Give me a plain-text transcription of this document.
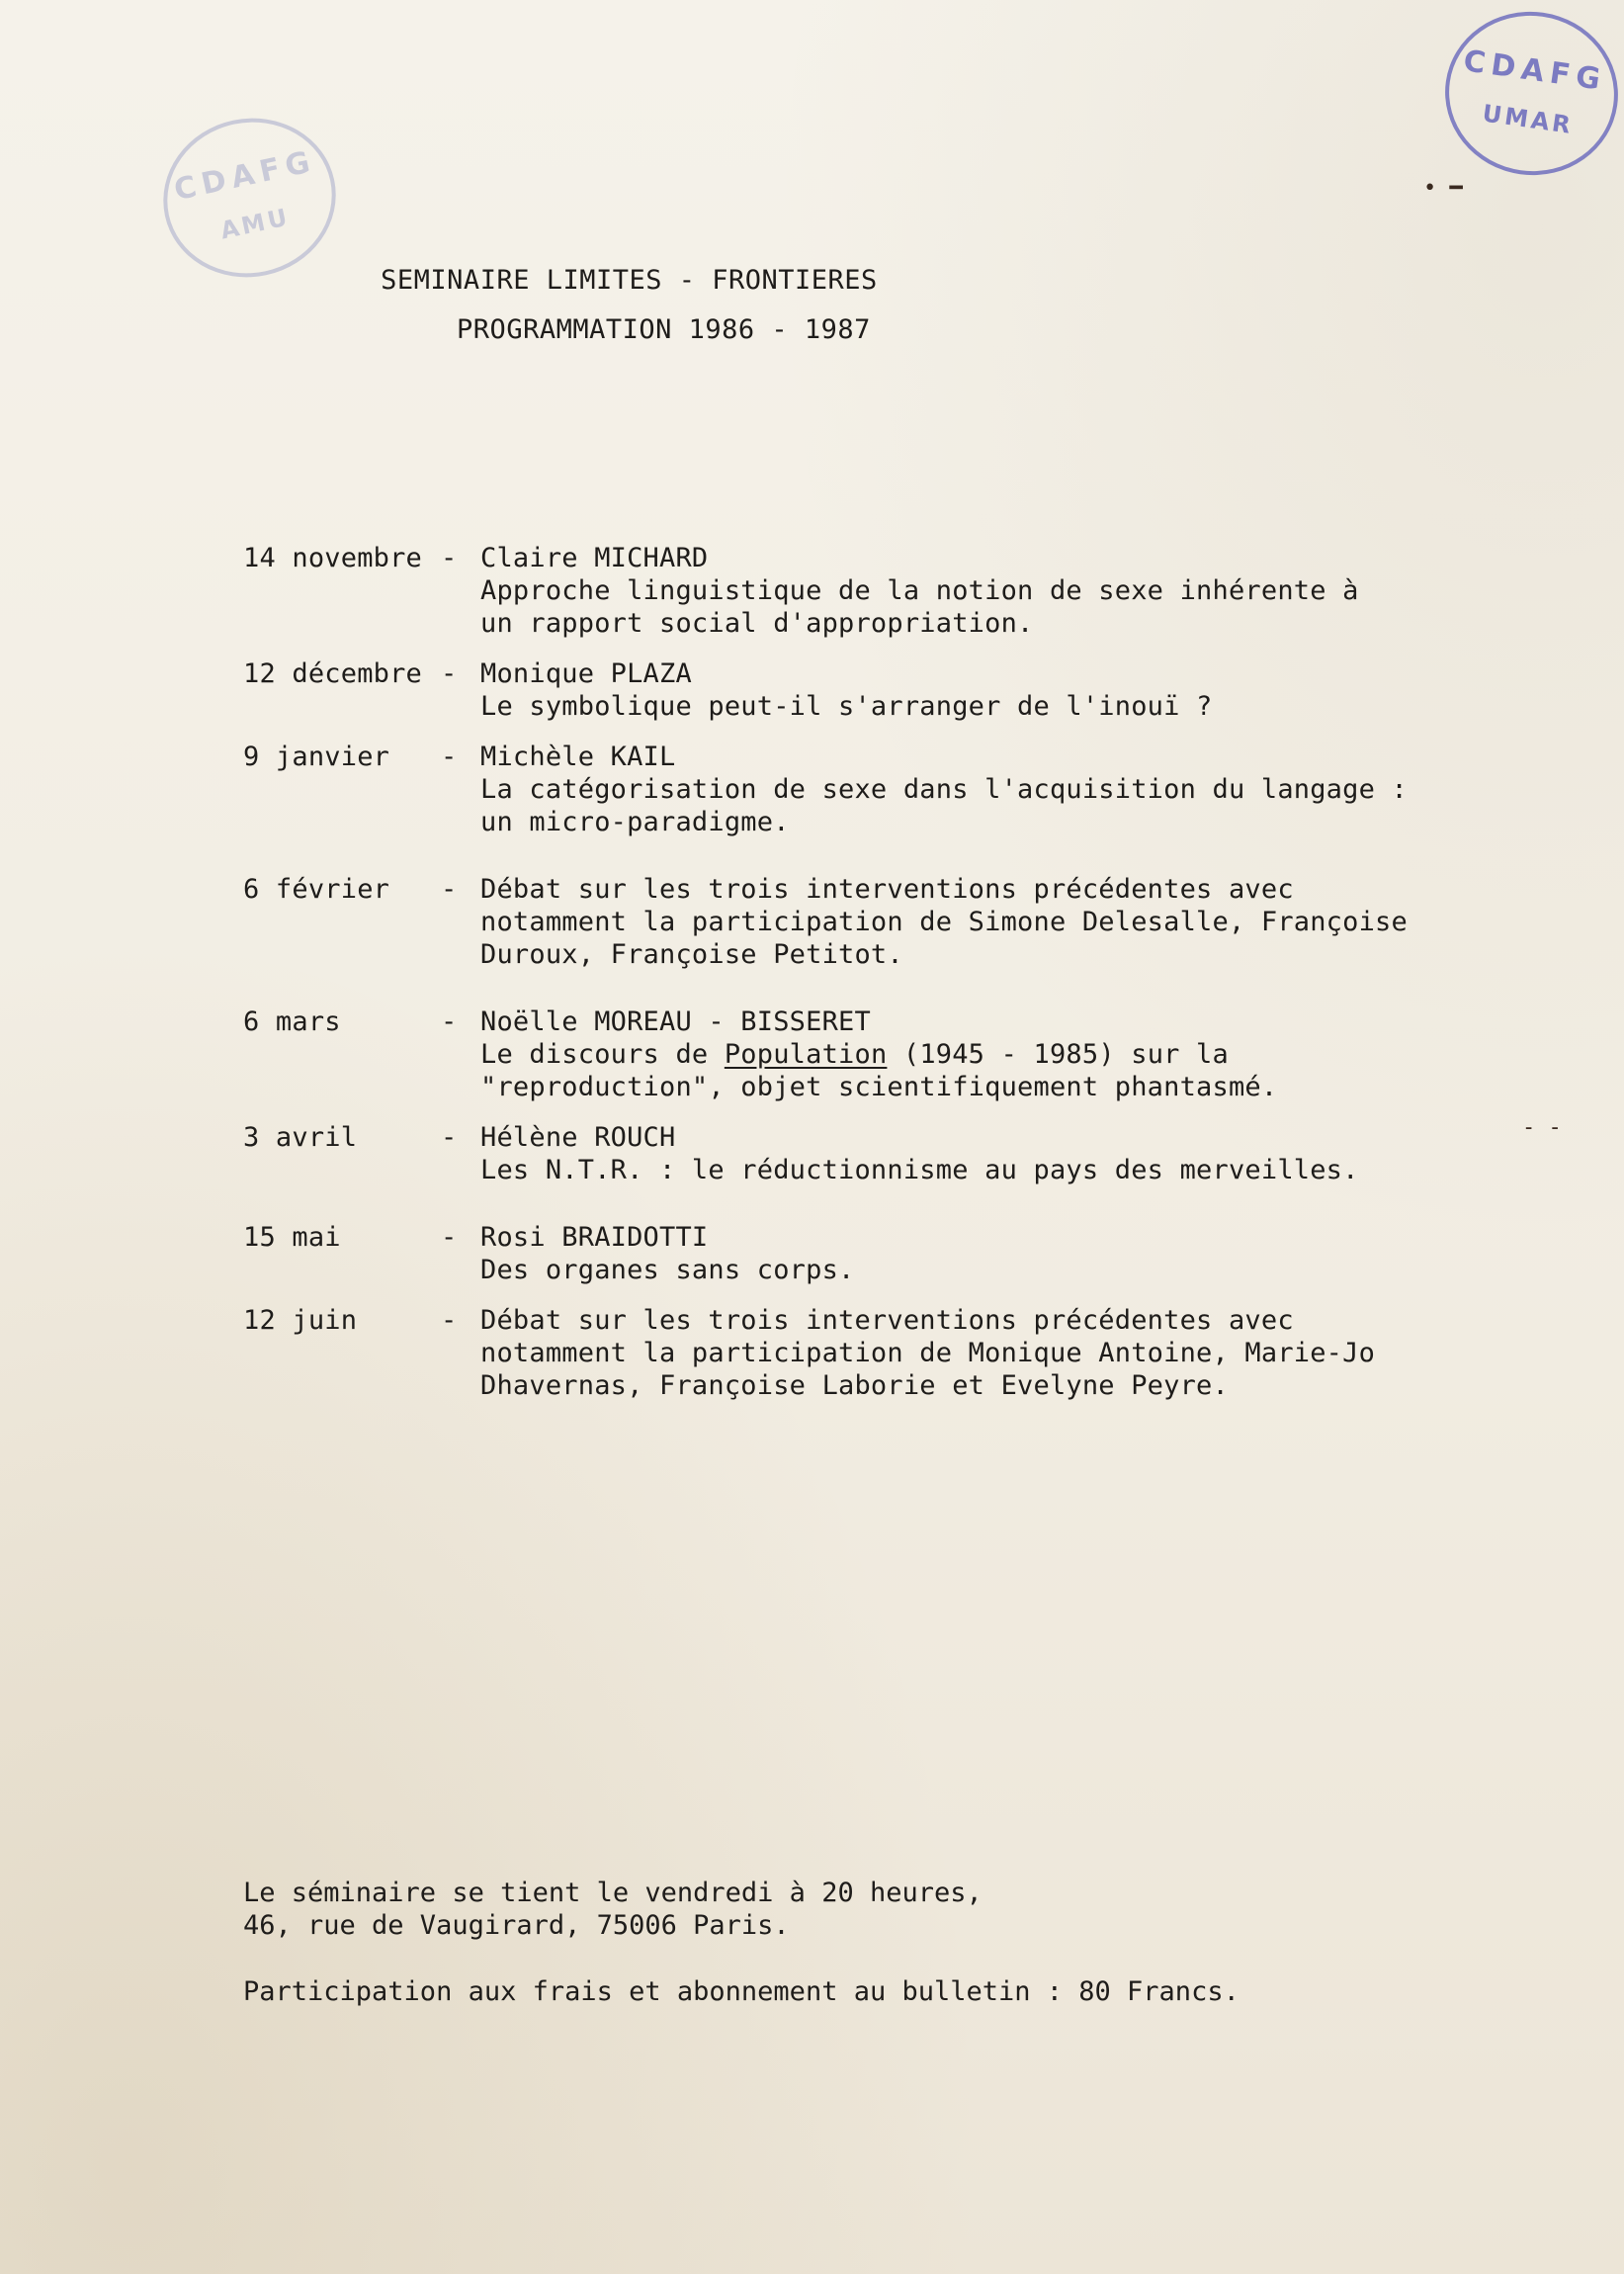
CDAFG
AMU
CDAFG
UMAR
• ━
- -
SEMINAIRE LIMITES - FRONTIERES
PROGRAMMATION 1986 - 1987
14 novembre - Claire MICHARD
Approche linguistique de la notion de sexe inhérente à
un rapport social d'appropriation.
12 décembre - Monique PLAZA
Le symbolique peut-il s'arranger de l'inouï ?
9 janvier	- Michèle KAIL
La catégorisation de sexe dans l'acquisition du langage :
un micro-paradigme.
6 février	- Débat sur les trois interventions précédentes avec
notamment la participation de Simone Delesalle, Françoise
Duroux, Françoise Petitot.
6 mars	- Noëlle MOREAU - BISSERET
Le discours de Population (1945 - 1985) sur la
"reproduction", objet scientifiquement phantasmé.
3 avril	- Hélène ROUCH
Les N.T.R. : le réductionnisme au pays des merveilles.
15 mai	- Rosi BRAIDOTTI
Des organes sans corps.
12 juin	- Débat sur les trois interventions précédentes avec
notamment la participation de Monique Antoine, Marie-Jo
Dhavernas, Françoise Laborie et Evelyne Peyre.
Le séminaire se tient le vendredi à 20 heures,
46, rue de Vaugirard, 75006 Paris.
Participation aux frais et abonnement au bulletin : 80 Francs.
